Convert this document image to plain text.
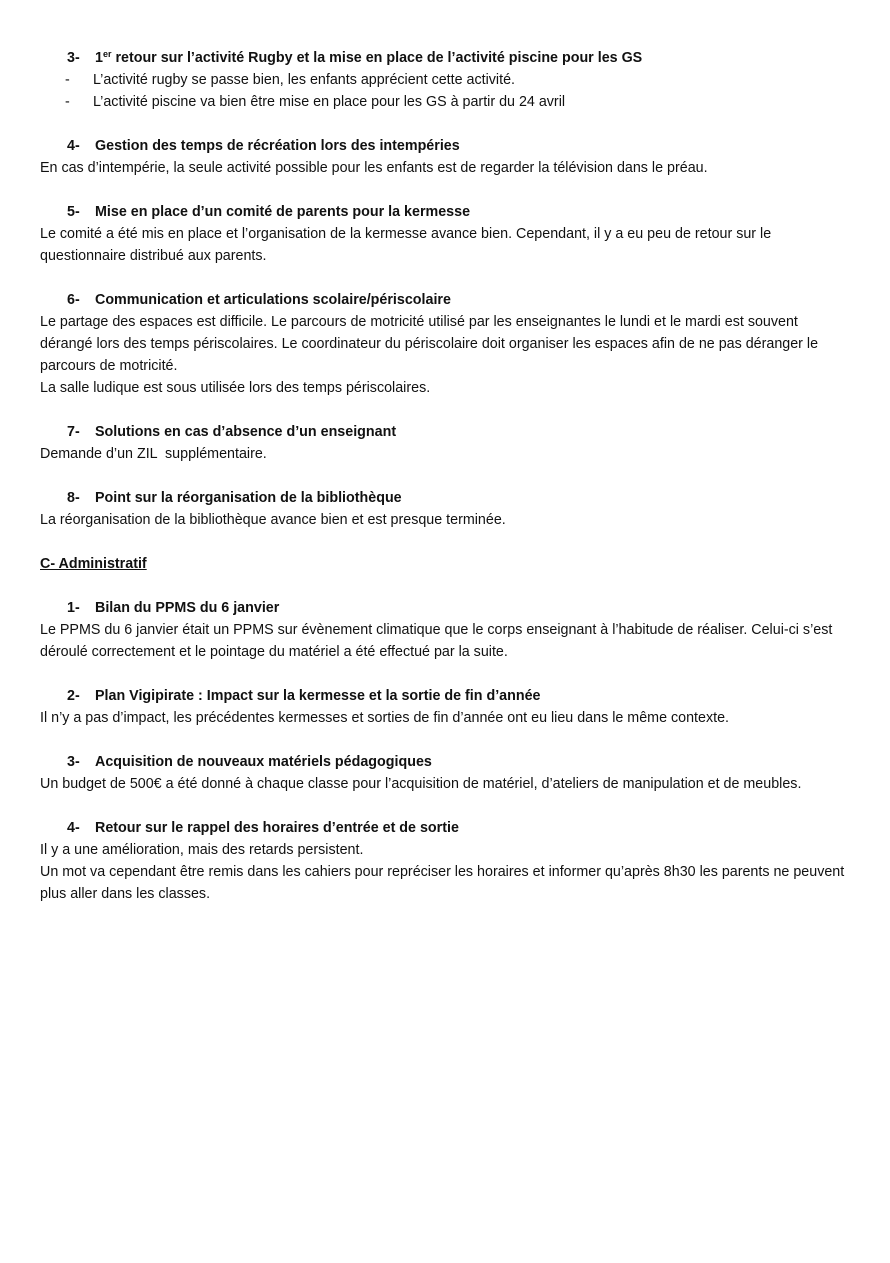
3-	1er retour sur l’activité Rugby et la mise en place de l’activité piscine pour les GS
-	L’activité rugby se passe bien, les enfants apprécient cette activité.
-	L’activité piscine va bien être mise en place pour les GS à partir du 24 avril
4-	Gestion des temps de récréation lors des intempéries

En cas d’intempérie, la seule activité possible pour les enfants est de regarder la télévision dans le préau.

5-	Mise en place d’un comité de parents pour la kermesse

Le comité a été mis en place et l’organisation de la kermesse avance bien. Cependant, il y a eu peu de retour sur le questionnaire distribué aux parents.

6-	Communication et articulations scolaire/périscolaire

Le partage des espaces est difficile. Le parcours de motricité utilisé par les enseignantes le lundi et le mardi est souvent dérangé lors des temps périscolaires. Le coordinateur du périscolaire doit organiser les espaces afin de ne pas déranger le parcours de motricité.

La salle ludique est sous utilisée lors des temps périscolaires.

7-	Solutions en cas d’absence d’un enseignant

Demande d’un ZIL  supplémentaire.

8-	Point sur la réorganisation de la bibliothèque

La réorganisation de la bibliothèque avance bien et est presque terminée.

C- Administratif
1-	Bilan du PPMS du 6 janvier

Le PPMS du 6 janvier était un PPMS sur évènement climatique que le corps enseignant à l’habitude de réaliser. Celui-ci s’est déroulé correctement et le pointage du matériel a été effectué par la suite.

2-	Plan Vigipirate : Impact sur la kermesse et la sortie de fin d’année

Il n’y a pas d’impact, les précédentes kermesses et sorties de fin d’année ont eu lieu dans le même contexte.

3-	Acquisition de nouveaux matériels pédagogiques

Un budget de 500€ a été donné à chaque classe pour l’acquisition de matériel, d’ateliers de manipulation et de meubles.

4-	Retour sur le rappel des horaires d’entrée et de sortie

Il y a une amélioration, mais des retards persistent.

Un mot va cependant être remis dans les cahiers pour repréciser les horaires et informer qu’après 8h30 les parents ne peuvent plus aller dans les classes.
